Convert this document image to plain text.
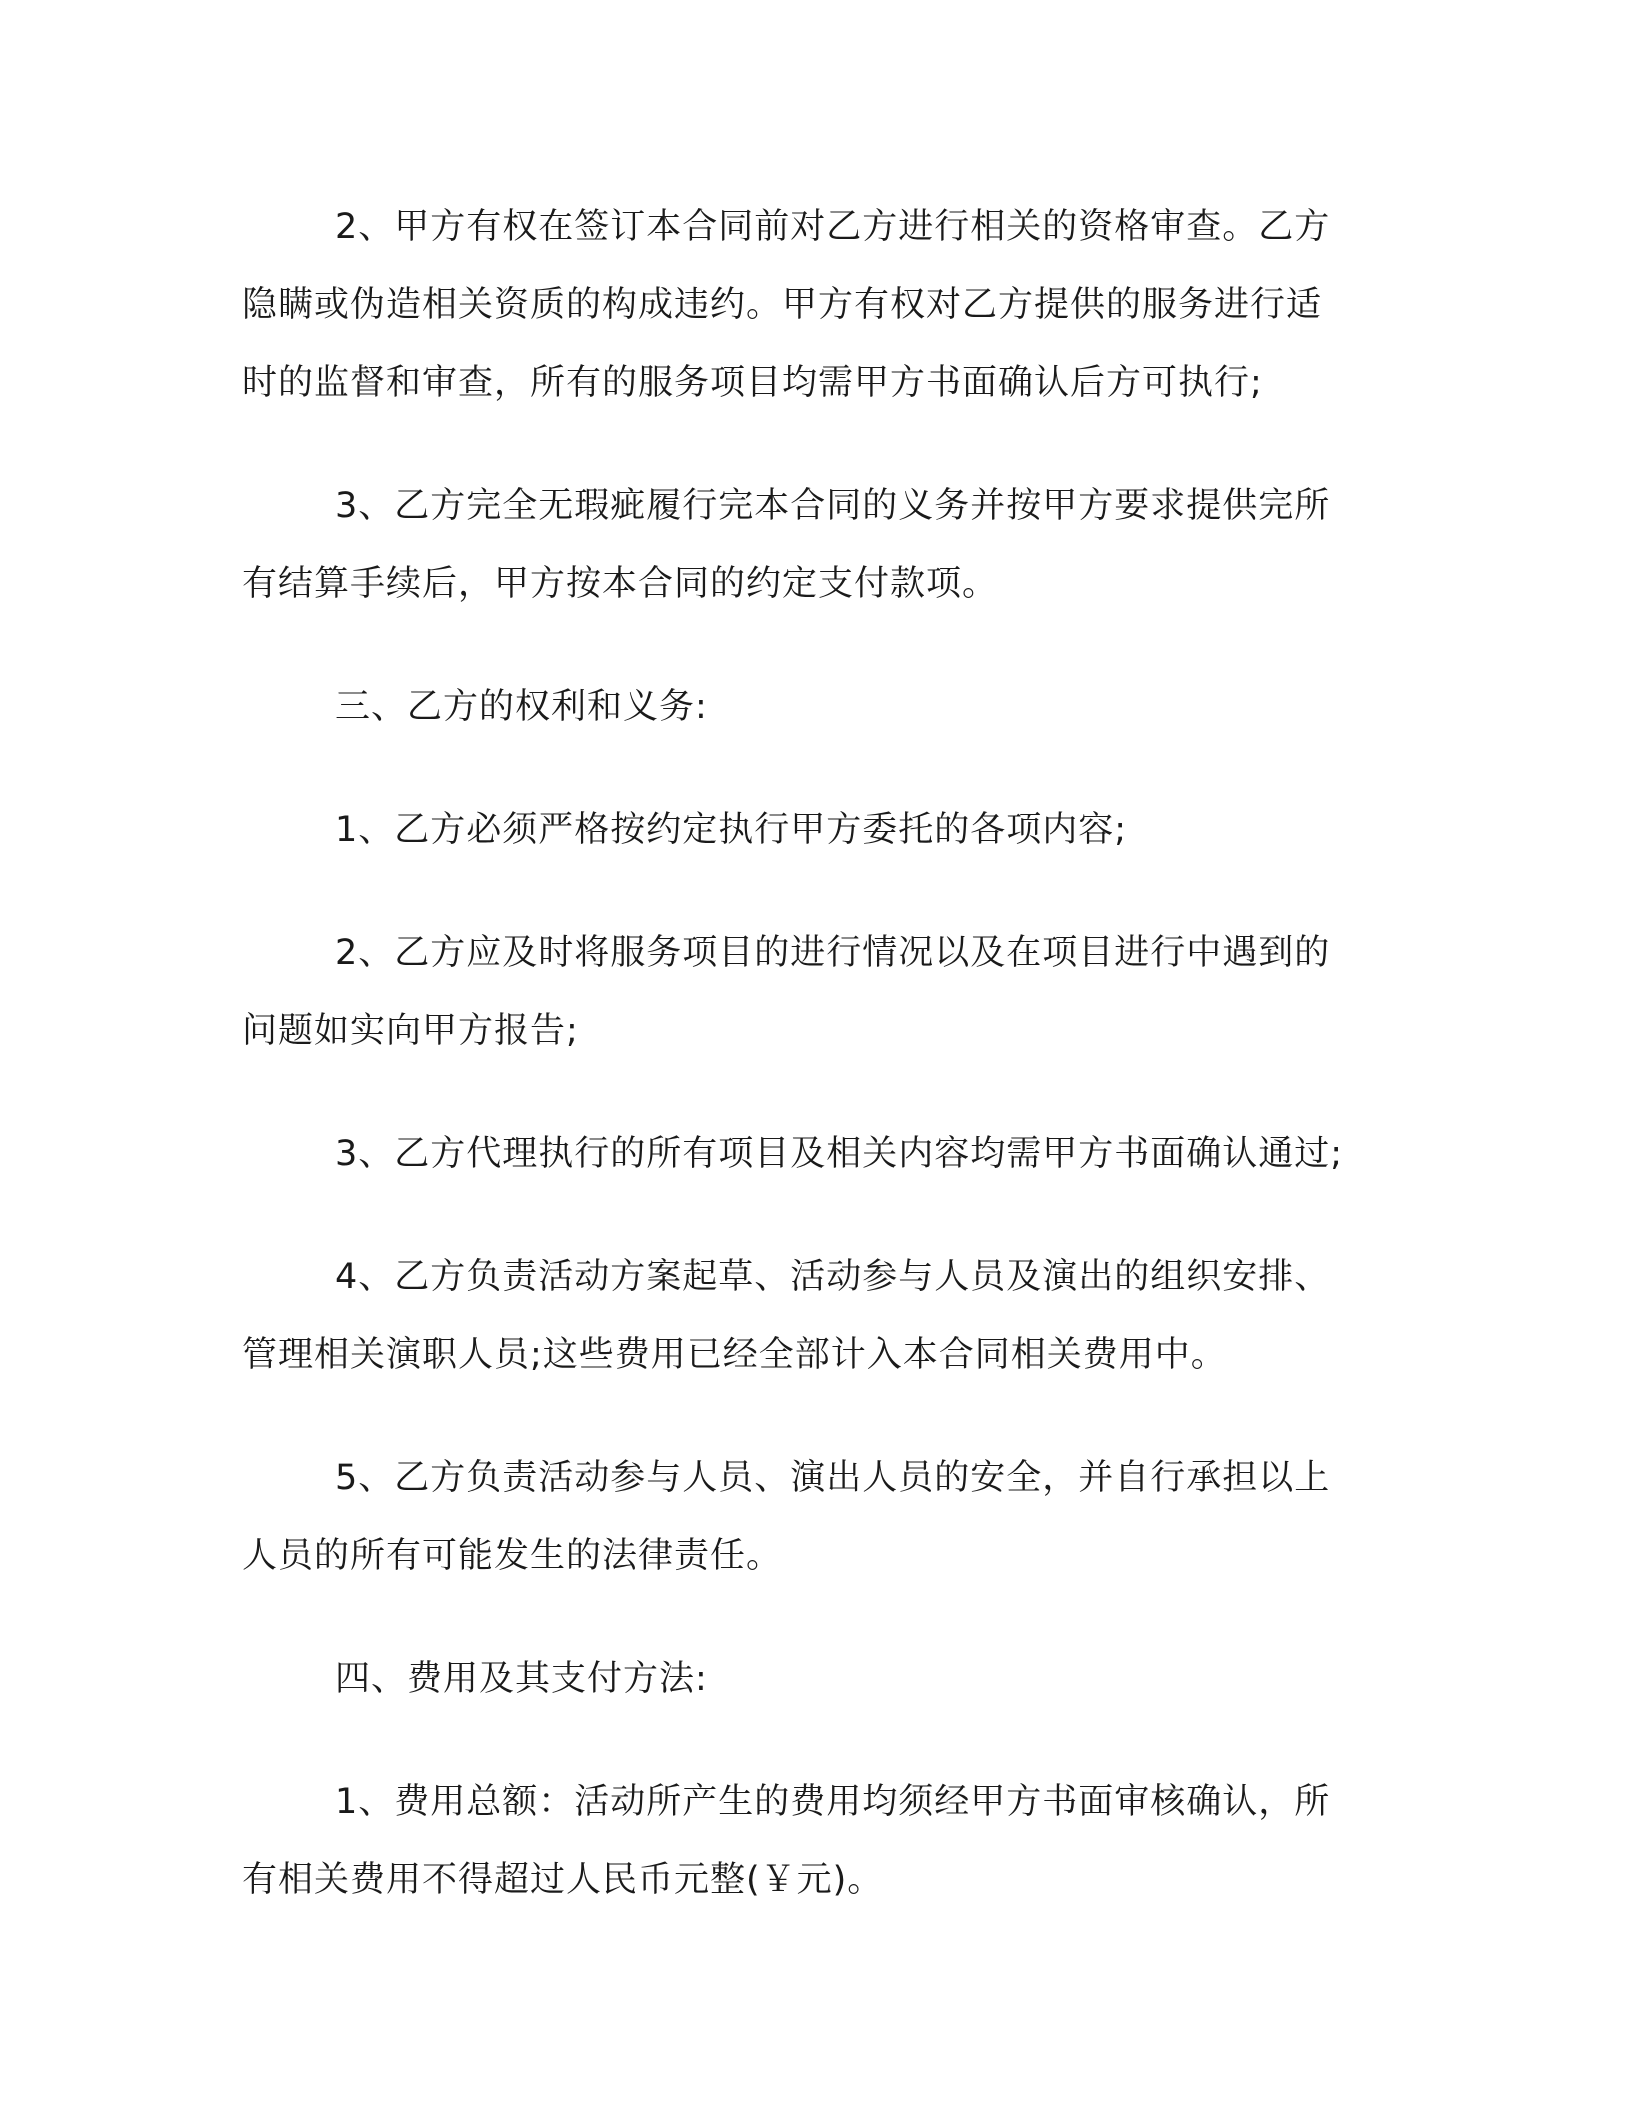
2、甲方有权在签订本合同前对乙方进行相关的资格审查。乙方
隐瞒或伪造相关资质的构成违约。甲方有权对乙方提供的服务进行适
时的监督和审查，所有的服务项目均需甲方书面确认后方可执行;

3、乙方完全无瑕疵履行完本合同的义务并按甲方要求提供完所
有结算手续后，甲方按本合同的约定支付款项。

三、乙方的权利和义务:

1、乙方必须严格按约定执行甲方委托的各项内容;

2、乙方应及时将服务项目的进行情况以及在项目进行中遇到的
问题如实向甲方报告;

3、乙方代理执行的所有项目及相关内容均需甲方书面确认通过;

4、乙方负责活动方案起草、活动参与人员及演出的组织安排、
管理相关演职人员;这些费用已经全部计入本合同相关费用中。

5、乙方负责活动参与人员、演出人员的安全，并自行承担以上
人员的所有可能发生的法律责任。

四、费用及其支付方法:

1、费用总额：活动所产生的费用均须经甲方书面审核确认，所
有相关费用不得超过人民币元整(￥元)。
